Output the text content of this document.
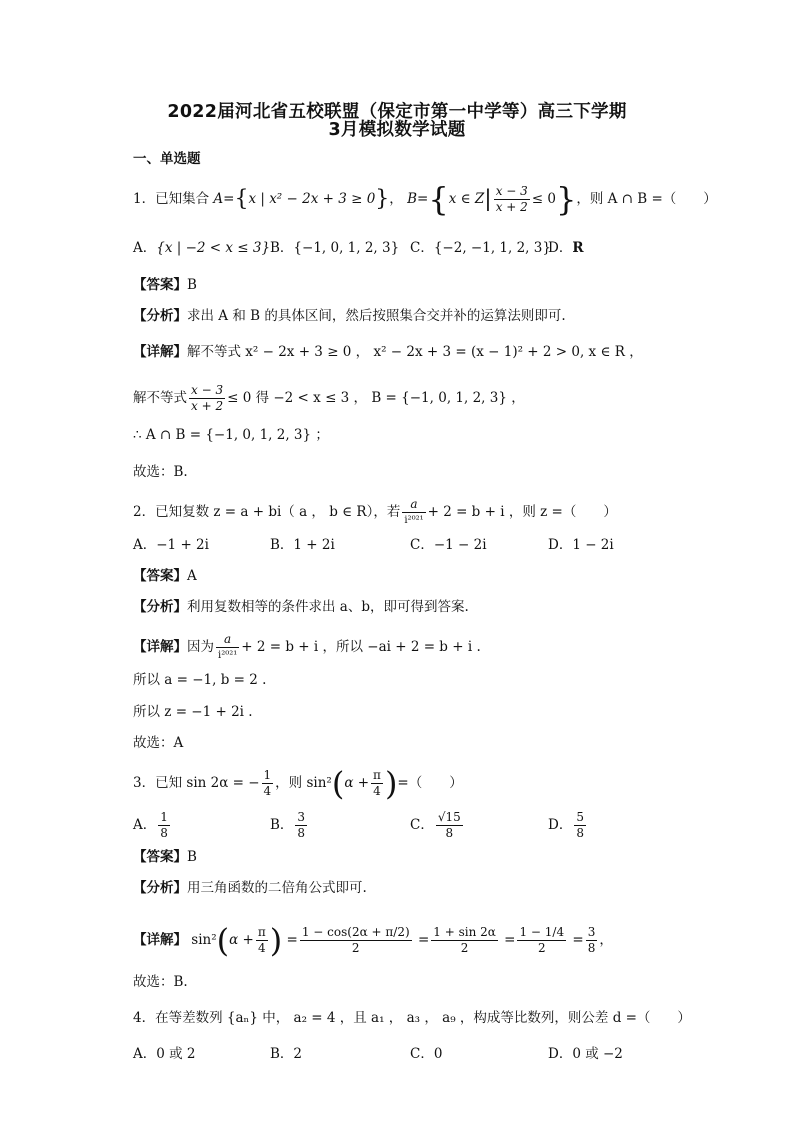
2022届河北省五校联盟（保定市第一中学等）高三下学期
3月模拟数学试题
一、单选题
1．已知集合 A={x | x² − 2x + 3 ≥ 0}， B={x ∈ $Z| \frac{x - 3}{x + 2} \le 0$}，则 A ∩ B =（　　）
A．{x | −2 < x ≤ 3} B．{−1, 0, 1, 2, 3} C．{−2, −1, 1, 2, 3}
D．R
【答案】B
【分析】求出 A 和 B 的具体区间，然后按照集合交并补的运算法则即可.
【详解】解不等式 x² − 2x + 3 ≥ 0 ， x² − 2x + 3 = (x − 1)² + 2 > 0, x ∈ R ，
解不等式 $\frac{x - 3}{x + 2} \le 0$ 得 −2 < x ≤ 3 ， B = {−1, 0, 1, 2, 3} ，
∴ A ∩ B = {−1, 0, 1, 2, 3} ；
故选：B.
2．已知复数 z = a + bi（ a ， b ∈ R），若 $\frac{a}{\text{i²⁰²¹}} + 2 = b + i$ ，则 z =（　　）
A．−1 + 2i	B．1 + 2i	C．−1 − 2i	D．1 − 2i
【答案】A
【分析】利用复数相等的条件求出 a、b，即可得到答案.
【详解】因为 $\frac{a}{\text{i²⁰²¹}} + 2 = b + i$ ，所以 −ai + 2 = b + i .
所以 a = −1, b = 2 .
所以 z = −1 + 2i .
故选：A
3．已知 sin 2α = − $\frac{1}{4}$ ，则 $\sin^2(\alpha + \frac{\pi}{4}$ )=（　　）
A． $\frac{1}{8}$	B． $\frac{3}{8}$	C． $\frac{√15}{8}$	D． $\frac{5}{8}$
【答案】B
【分析】用三角函数的二倍角公式即可.
【详解】 $\sin^2(\alpha + \frac{\pi}{4}$ ) = $\frac{1 - \cos(2\alpha + \pi/2)}{2} = \frac{1 + \sin 2\alpha}{2} = \frac{1 - 1/4}{2} = \frac{3}{8}$ ，
故选：B.
4．在等差数列 {aₙ} 中， a₂ = 4 ，且 a₁ ， a₃ ， a₉ ，构成等比数列，则公差 d =（　　）
A．0 或 2	B．2	C．0	D．0 或 −2
